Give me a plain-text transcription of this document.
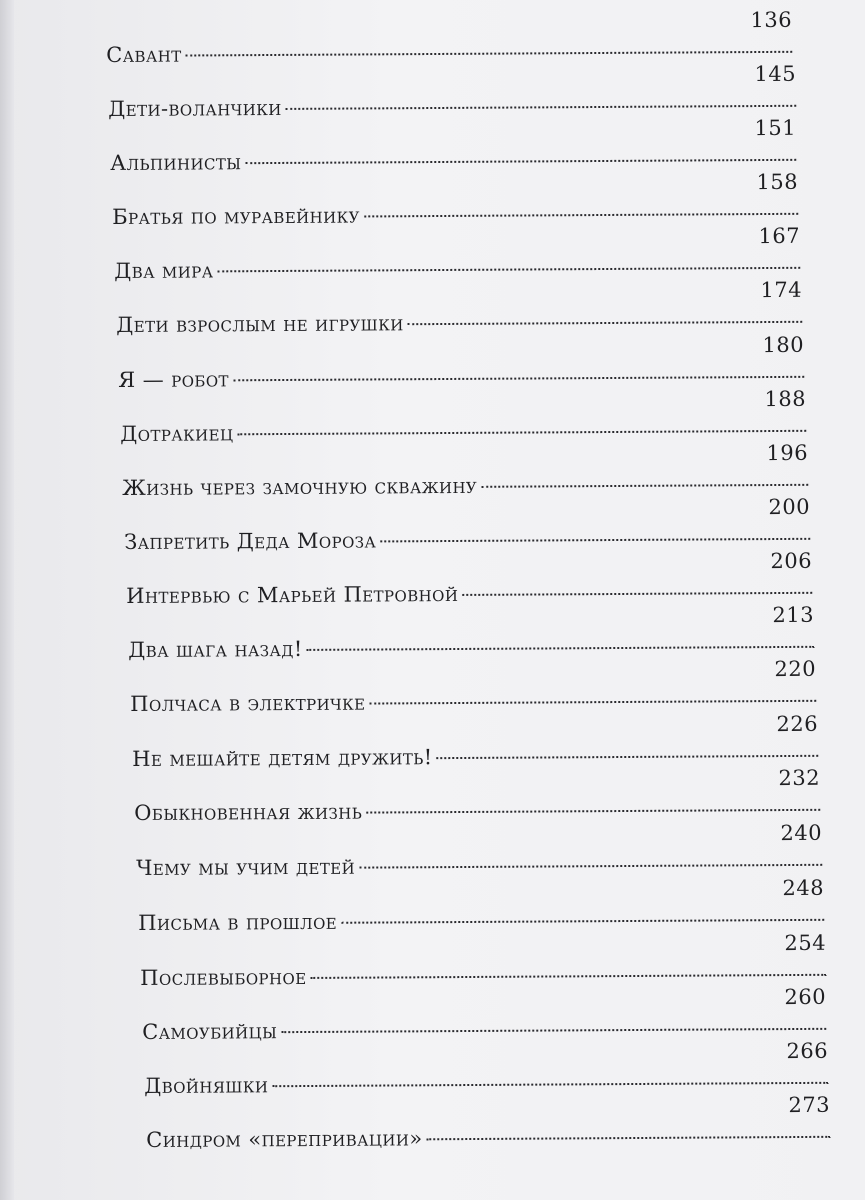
136
Савант
145
Дети-воланчики
151
Альпинисты
158
Братья по муравейнику
167
Два мира
174
Дети взрослым не игрушки
180
Я — робот
188
Дотракиец
196
Жизнь через замочную скважину
200
Запретить Деда Мороза
206
Интервью с Марьей Петровной
213
Два шага назад!
220
Полчаса в электричке
226
Не мешайте детям дружить!
232
Обыкновенная жизнь
240
Чему мы учим детей
248
Письма в прошлое
254
Послевыборное
260
Самоубийцы
266
Двойняшки
273
Синдром «перепривации»
